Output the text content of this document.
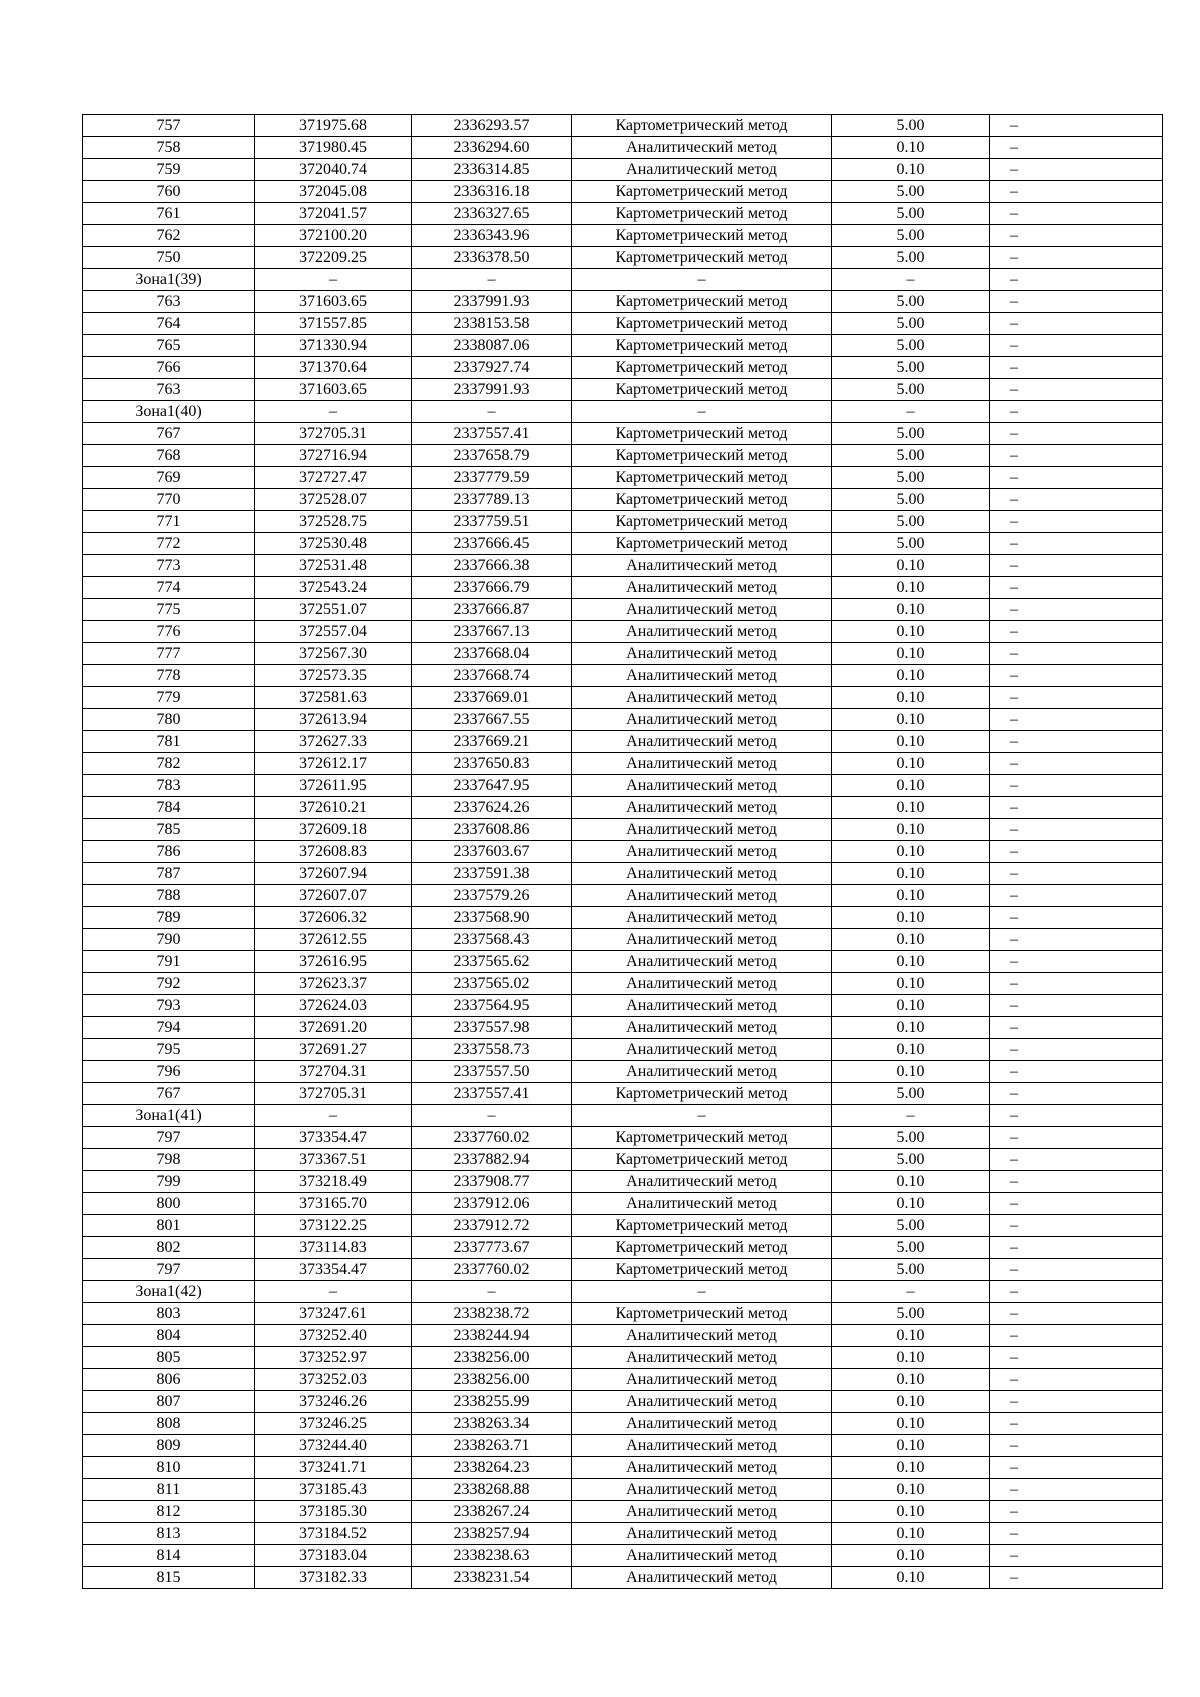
757	371975.68	2336293.57	Картометрический метод	5.00	–
758	371980.45	2336294.60	Аналитический метод	0.10	–
759	372040.74	2336314.85	Аналитический метод	0.10	–
760	372045.08	2336316.18	Картометрический метод	5.00	–
761	372041.57	2336327.65	Картометрический метод	5.00	–
762	372100.20	2336343.96	Картометрический метод	5.00	–
750	372209.25	2336378.50	Картометрический метод	5.00	–
Зона1(39)	–	–	–	–	–
763	371603.65	2337991.93	Картометрический метод	5.00	–
764	371557.85	2338153.58	Картометрический метод	5.00	–
765	371330.94	2338087.06	Картометрический метод	5.00	–
766	371370.64	2337927.74	Картометрический метод	5.00	–
763	371603.65	2337991.93	Картометрический метод	5.00	–
Зона1(40)	–	–	–	–	–
767	372705.31	2337557.41	Картометрический метод	5.00	–
768	372716.94	2337658.79	Картометрический метод	5.00	–
769	372727.47	2337779.59	Картометрический метод	5.00	–
770	372528.07	2337789.13	Картометрический метод	5.00	–
771	372528.75	2337759.51	Картометрический метод	5.00	–
772	372530.48	2337666.45	Картометрический метод	5.00	–
773	372531.48	2337666.38	Аналитический метод	0.10	–
774	372543.24	2337666.79	Аналитический метод	0.10	–
775	372551.07	2337666.87	Аналитический метод	0.10	–
776	372557.04	2337667.13	Аналитический метод	0.10	–
777	372567.30	2337668.04	Аналитический метод	0.10	–
778	372573.35	2337668.74	Аналитический метод	0.10	–
779	372581.63	2337669.01	Аналитический метод	0.10	–
780	372613.94	2337667.55	Аналитический метод	0.10	–
781	372627.33	2337669.21	Аналитический метод	0.10	–
782	372612.17	2337650.83	Аналитический метод	0.10	–
783	372611.95	2337647.95	Аналитический метод	0.10	–
784	372610.21	2337624.26	Аналитический метод	0.10	–
785	372609.18	2337608.86	Аналитический метод	0.10	–
786	372608.83	2337603.67	Аналитический метод	0.10	–
787	372607.94	2337591.38	Аналитический метод	0.10	–
788	372607.07	2337579.26	Аналитический метод	0.10	–
789	372606.32	2337568.90	Аналитический метод	0.10	–
790	372612.55	2337568.43	Аналитический метод	0.10	–
791	372616.95	2337565.62	Аналитический метод	0.10	–
792	372623.37	2337565.02	Аналитический метод	0.10	–
793	372624.03	2337564.95	Аналитический метод	0.10	–
794	372691.20	2337557.98	Аналитический метод	0.10	–
795	372691.27	2337558.73	Аналитический метод	0.10	–
796	372704.31	2337557.50	Аналитический метод	0.10	–
767	372705.31	2337557.41	Картометрический метод	5.00	–
Зона1(41)	–	–	–	–	–
797	373354.47	2337760.02	Картометрический метод	5.00	–
798	373367.51	2337882.94	Картометрический метод	5.00	–
799	373218.49	2337908.77	Аналитический метод	0.10	–
800	373165.70	2337912.06	Аналитический метод	0.10	–
801	373122.25	2337912.72	Картометрический метод	5.00	–
802	373114.83	2337773.67	Картометрический метод	5.00	–
797	373354.47	2337760.02	Картометрический метод	5.00	–
Зона1(42)	–	–	–	–	–
803	373247.61	2338238.72	Картометрический метод	5.00	–
804	373252.40	2338244.94	Аналитический метод	0.10	–
805	373252.97	2338256.00	Аналитический метод	0.10	–
806	373252.03	2338256.00	Аналитический метод	0.10	–
807	373246.26	2338255.99	Аналитический метод	0.10	–
808	373246.25	2338263.34	Аналитический метод	0.10	–
809	373244.40	2338263.71	Аналитический метод	0.10	–
810	373241.71	2338264.23	Аналитический метод	0.10	–
811	373185.43	2338268.88	Аналитический метод	0.10	–
812	373185.30	2338267.24	Аналитический метод	0.10	–
813	373184.52	2338257.94	Аналитический метод	0.10	–
814	373183.04	2338238.63	Аналитический метод	0.10	–
815	373182.33	2338231.54	Аналитический метод	0.10	–
